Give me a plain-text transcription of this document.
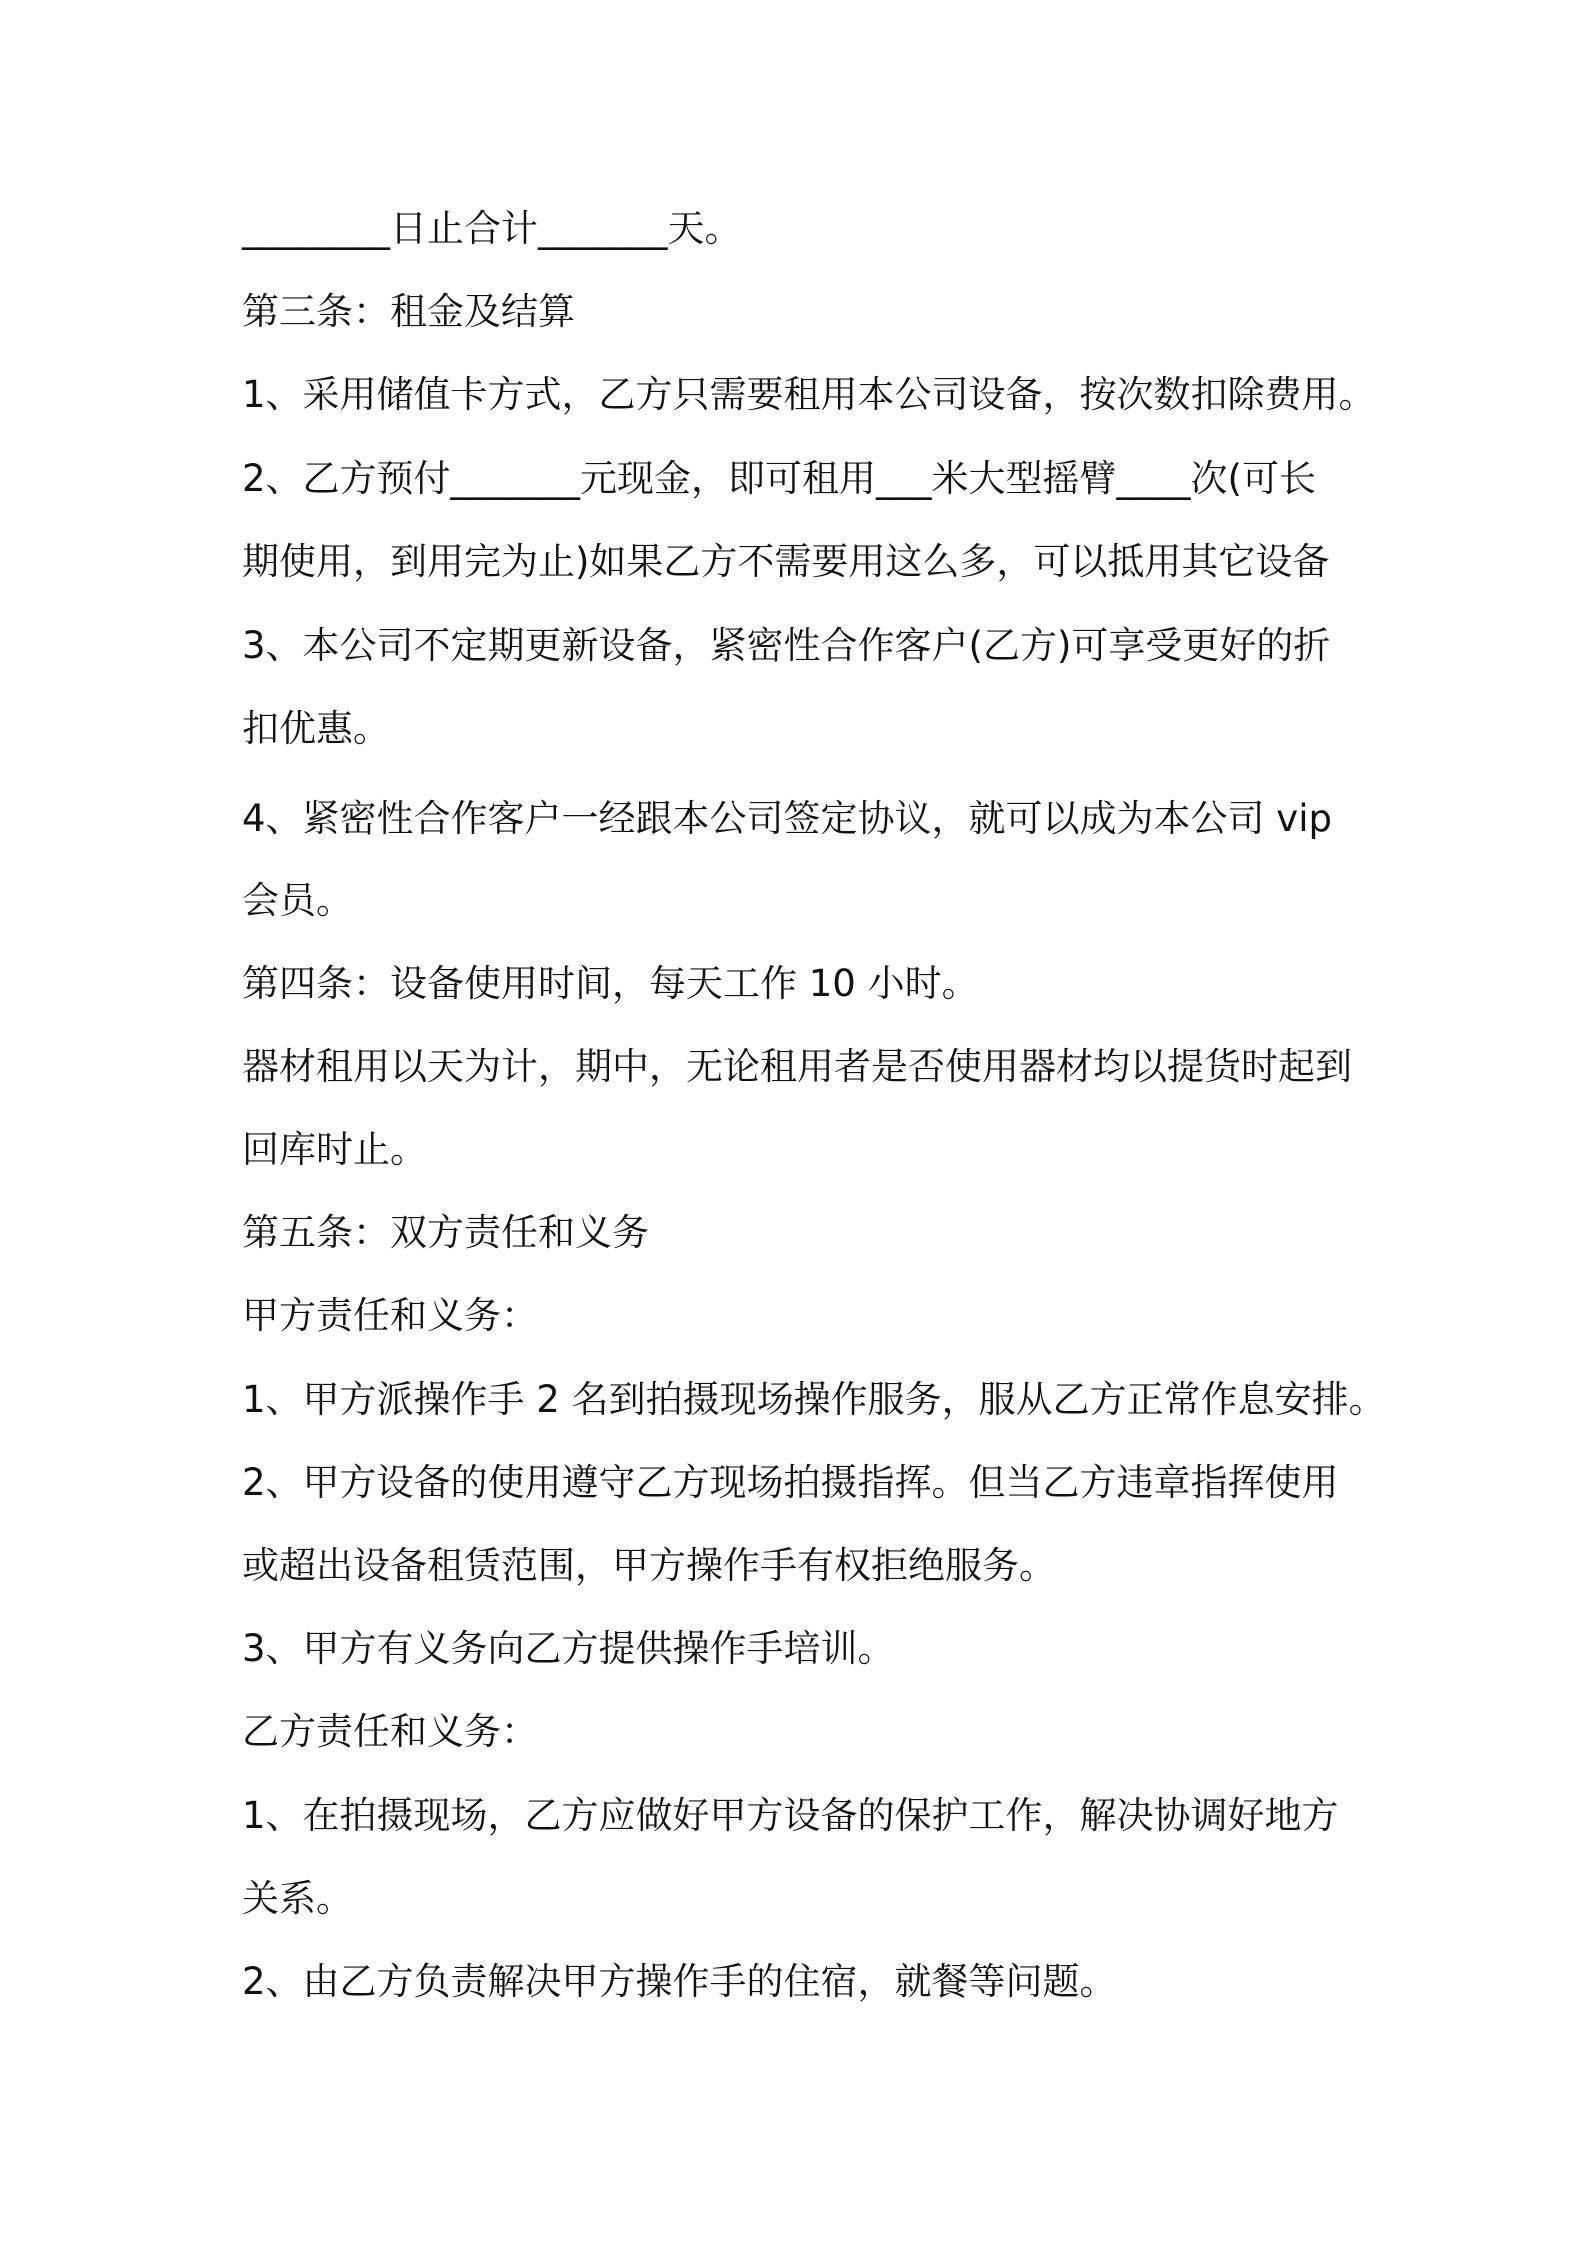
________日止合计_______天。

第三条：租金及结算

1、采用储值卡方式，乙方只需要租用本公司设备，按次数扣除费用。

2、乙方预付_______元现金，即可租用___米大型摇臂____次(可长

期使用，到用完为止)如果乙方不需要用这么多，可以抵用其它设备

3、本公司不定期更新设备，紧密性合作客户(乙方)可享受更好的折

扣优惠。

4、紧密性合作客户一经跟本公司签定协议，就可以成为本公司 vip

会员。

第四条：设备使用时间，每天工作 10 小时。

器材租用以天为计，期中，无论租用者是否使用器材均以提货时起到

回库时止。

第五条：双方责任和义务

甲方责任和义务：

1、甲方派操作手 2 名到拍摄现场操作服务，服从乙方正常作息安排。

2、甲方设备的使用遵守乙方现场拍摄指挥。但当乙方违章指挥使用

或超出设备租赁范围，甲方操作手有权拒绝服务。

3、甲方有义务向乙方提供操作手培训。

乙方责任和义务：

1、在拍摄现场，乙方应做好甲方设备的保护工作，解决协调好地方

关系。

2、由乙方负责解决甲方操作手的住宿，就餐等问题。
